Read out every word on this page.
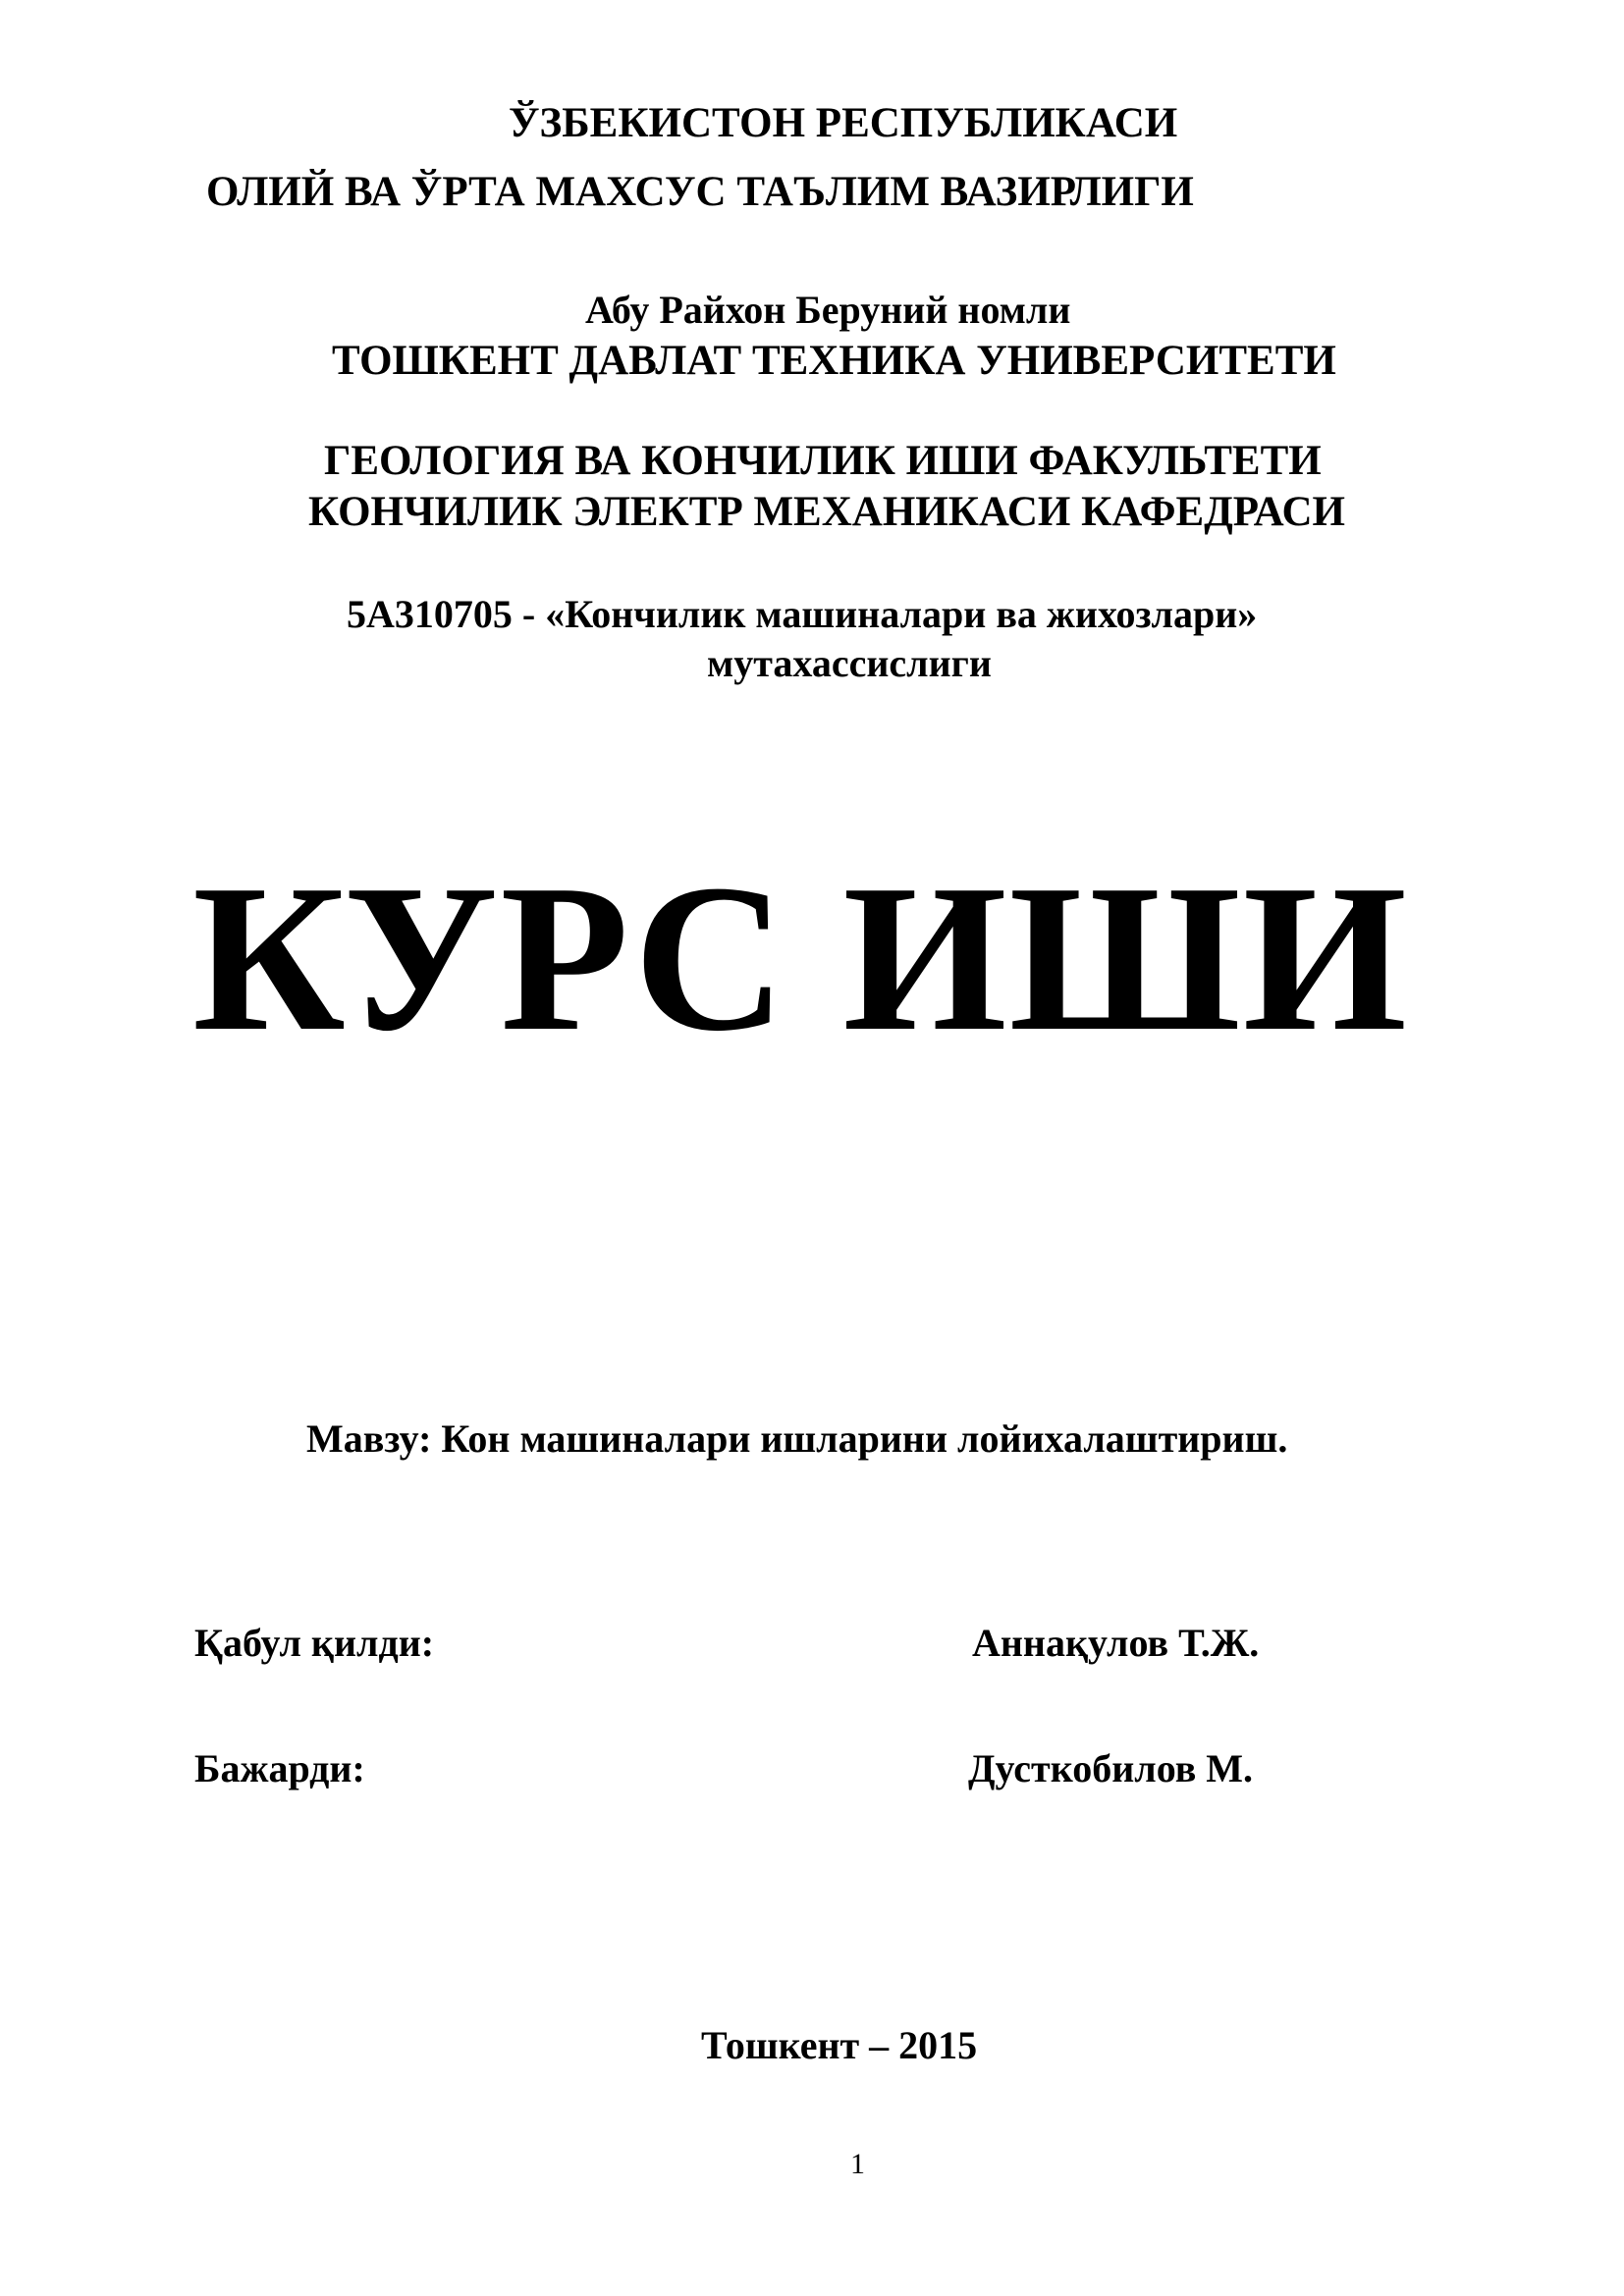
ЎЗБЕКИСТОН РЕСПУБЛИКАСИ

ОЛИЙ ВА ЎРТА МАХСУС ТАЪЛИМ ВАЗИРЛИГИ

Абу Райхон Беруний номли

ТОШКЕНТ ДАВЛАТ ТЕХНИКА УНИВЕРСИТЕТИ

ГЕОЛОГИЯ ВА КОНЧИЛИК ИШИ ФАКУЛЬТЕТИ

КОНЧИЛИК ЭЛЕКТР МЕХАНИКАСИ КАФЕДРАСИ

5А310705 - «Кончилик машиналари ва жихозлари»

мутахассислиги

КУРС ИШИ

Мавзу: Кон машиналари ишларини лойихалаштириш.

Қабул қилди:	Аннақулов Т.Ж.

Бажарди:	Дусткобилов М.

Тошкент – 2015

1
